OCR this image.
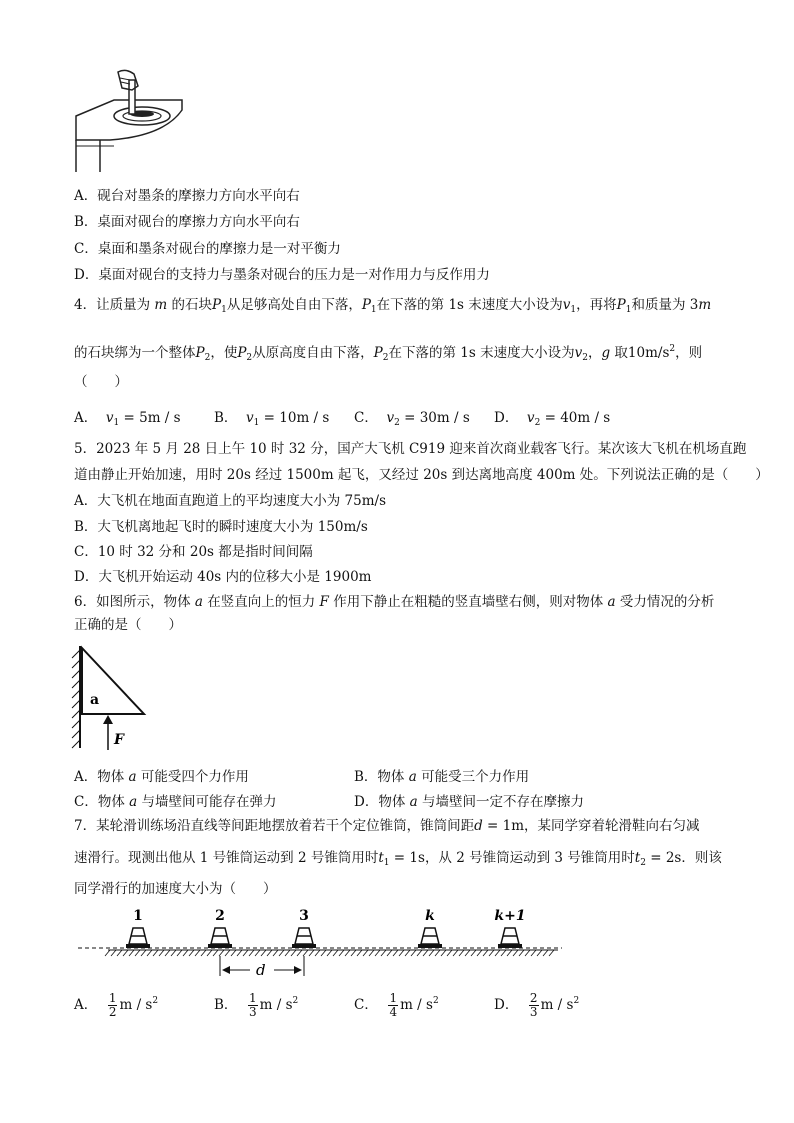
A．砚台对墨条的摩擦力方向水平向右
B．桌面对砚台的摩擦力方向水平向右
C．桌面和墨条对砚台的摩擦力是一对平衡力
D．桌面对砚台的支持力与墨条对砚台的压力是一对作用力与反作用力
4．让质量为 m 的石块$P_1$从足够高处自由下落，$P_1$在下落的第 1s 末速度大小设为$v_1$，再将$P_1$和质量为 3m
的石块绑为一个整体$P_2$，使$P_2$从原高度自由下落，$P_2$在下落的第 1s 末速度大小设为$v_2$，g 取$10m/s^2$，则
（　　）
A． $v_1 = 5m / s$ B． $v_1 = 10m / s$ C． $v_2 = 30m / s$ D． $v_2 = 40m / s$
5．2023 年 5 月 28 日上午 10 时 32 分，国产大飞机 C919 迎来首次商业载客飞行。某次该大飞机在机场直跑
道由静止开始加速，用时 20s 经过 1500m 起飞，又经过 20s 到达离地高度 400m 处。下列说法正确的是（　　）
A．大飞机在地面直跑道上的平均速度大小为 75m/s
B．大飞机离地起飞时的瞬时速度大小为 150m/s
C．10 时 32 分和 20s 都是指时间间隔
D．大飞机开始运动 40s 内的位移大小是 1900m
6．如图所示，物体 a 在竖直向上的恒力 F 作用下静止在粗糙的竖直墙壁右侧，则对物体 a 受力情况的分析
正确的是（　　）
a
F
A．物体 a 可能受四个力作用	B．物体 a 可能受三个力作用
C．物体 a 与墙壁间可能存在弹力	D．物体 a 与墙壁间一定不存在摩擦力
7．某轮滑训练场沿直线等间距地摆放着若干个定位锥筒，锥筒间距d = 1m，某同学穿着轮滑鞋向右匀减
速滑行。现测出他从 1 号锥筒运动到 2 号锥筒用时$t_1 = 1s$，从 2 号锥筒运动到 3 号锥筒用时$t_2 = 2s$．则该
同学滑行的加速度大小为（　　）
1	2	3	k	k+1
d
A． $\frac{1}{2}$ m / $s^2$	B． $\frac{1}{3}$ m / $s^2$	C． $\frac{1}{4}$ m / $s^2$	D． $\frac{2}{3}$ m / $s^2$
